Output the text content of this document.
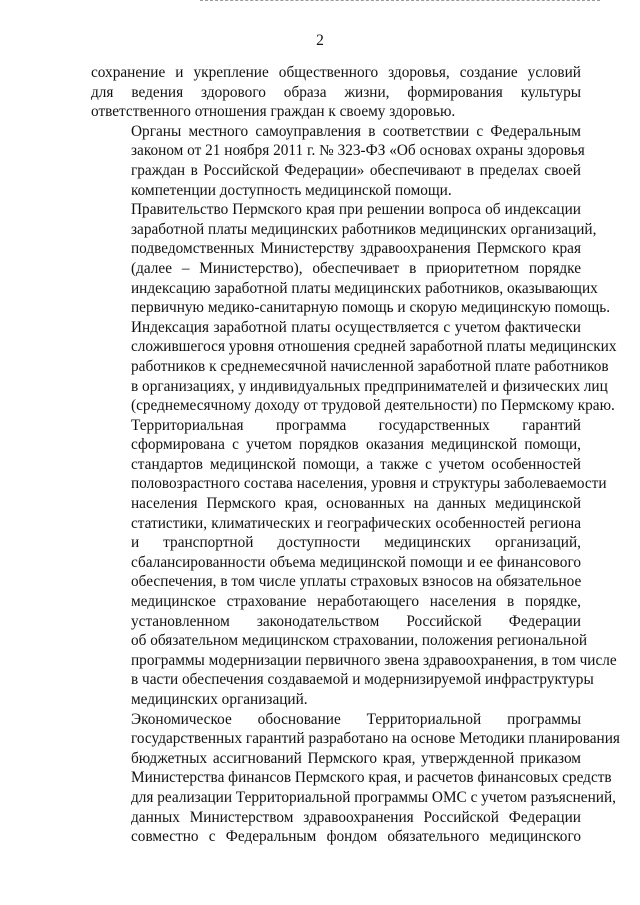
2
сохранение и укрепление общественного здоровья, создание условий
для ведения здорового образа жизни, формирования культуры
ответственного отношения граждан к своему здоровью.
Органы местного самоуправления в соответствии с Федеральным
законом от 21 ноября 2011 г. № 323-ФЗ «Об основах охраны здоровья
граждан в Российской Федерации» обеспечивают в пределах своей
компетенции доступность медицинской помощи.
Правительство Пермского края при решении вопроса об индексации
заработной платы медицинских работников медицинских организаций,
подведомственных Министерству здравоохранения Пермского края
(далее – Министерство), обеспечивает в приоритетном порядке
индексацию заработной платы медицинских работников, оказывающих
первичную медико-санитарную помощь и скорую медицинскую помощь.
Индексация заработной платы осуществляется с учетом фактически
сложившегося уровня отношения средней заработной платы медицинских
работников к среднемесячной начисленной заработной плате работников
в организациях, у индивидуальных предпринимателей и физических лиц
(среднемесячному доходу от трудовой деятельности) по Пермскому краю.
Территориальная программа государственных гарантий
сформирована с учетом порядков оказания медицинской помощи,
стандартов медицинской помощи, а также с учетом особенностей
половозрастного состава населения, уровня и структуры заболеваемости
населения Пермского края, основанных на данных медицинской
статистики, климатических и географических особенностей региона
и транспортной доступности медицинских организаций,
сбалансированности объема медицинской помощи и ее финансового
обеспечения, в том числе уплаты страховых взносов на обязательное
медицинское страхование неработающего населения в порядке,
установленном законодательством Российской Федерации
об обязательном медицинском страховании, положения региональной
программы модернизации первичного звена здравоохранения, в том числе
в части обеспечения создаваемой и модернизируемой инфраструктуры
медицинских организаций.
Экономическое обоснование Территориальной программы
государственных гарантий разработано на основе Методики планирования
бюджетных ассигнований Пермского края, утвержденной приказом
Министерства финансов Пермского края, и расчетов финансовых средств
для реализации Территориальной программы ОМС с учетом разъяснений,
данных Министерством здравоохранения Российской Федерации
совместно с Федеральным фондом обязательного медицинского
